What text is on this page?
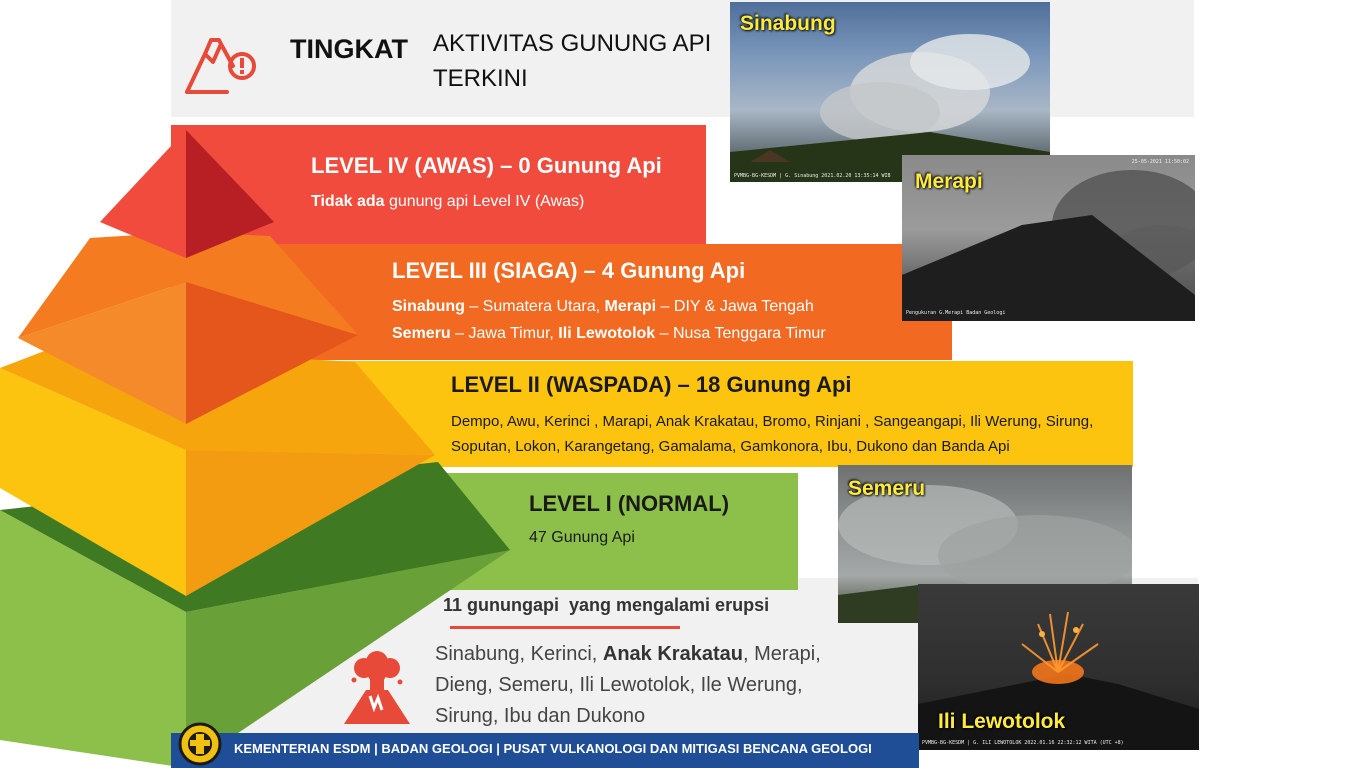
TINGKAT AKTIVITAS GUNUNG API
TERKINI
LEVEL IV (AWAS) – 0 Gunung Api
Tidak ada gunung api Level IV (Awas)
LEVEL III (SIAGA) – 4 Gunung Api
Sinabung – Sumatera Utara, Merapi – DIY & Jawa Tengah
Semeru – Jawa Timur, Ili Lewotolok – Nusa Tenggara Timur
LEVEL II (WASPADA) – 18 Gunung Api
Dempo, Awu, Kerinci , Marapi, Anak Krakatau, Bromo, Rinjani , Sangeangapi, Ili Werung, Sirung, Soputan, Lokon, Karangetang, Gamalama, Gamkonora, Ibu, Dukono dan Banda Api
LEVEL I (NORMAL)
47 Gunung Api
11 gunungapi  yang mengalami erupsi
Sinabung, Kerinci, Anak Krakatau, Merapi,
Dieng, Semeru, Ili Lewotolok, Ile Werung,
Sirung, Ibu dan Dukono
Sinabung
PVMBG-BG-KESDM | G. Sinabung 2021.02.20 13:35:14 WIB Merapi
25-05-2021 11:50:02
Pengukuran G.Merapi Badan Geologi
Semeru
Ili Lewotolok
PVMBG-BG-KESDM | G. ILI LEWOTOLOK 2022.01.16 22:32:12 WITA (UTC +8)
KEMENTERIAN ESDM | BADAN GEOLOGI | PUSAT VULKANOLOGI DAN MITIGASI BENCANA GEOLOGI
